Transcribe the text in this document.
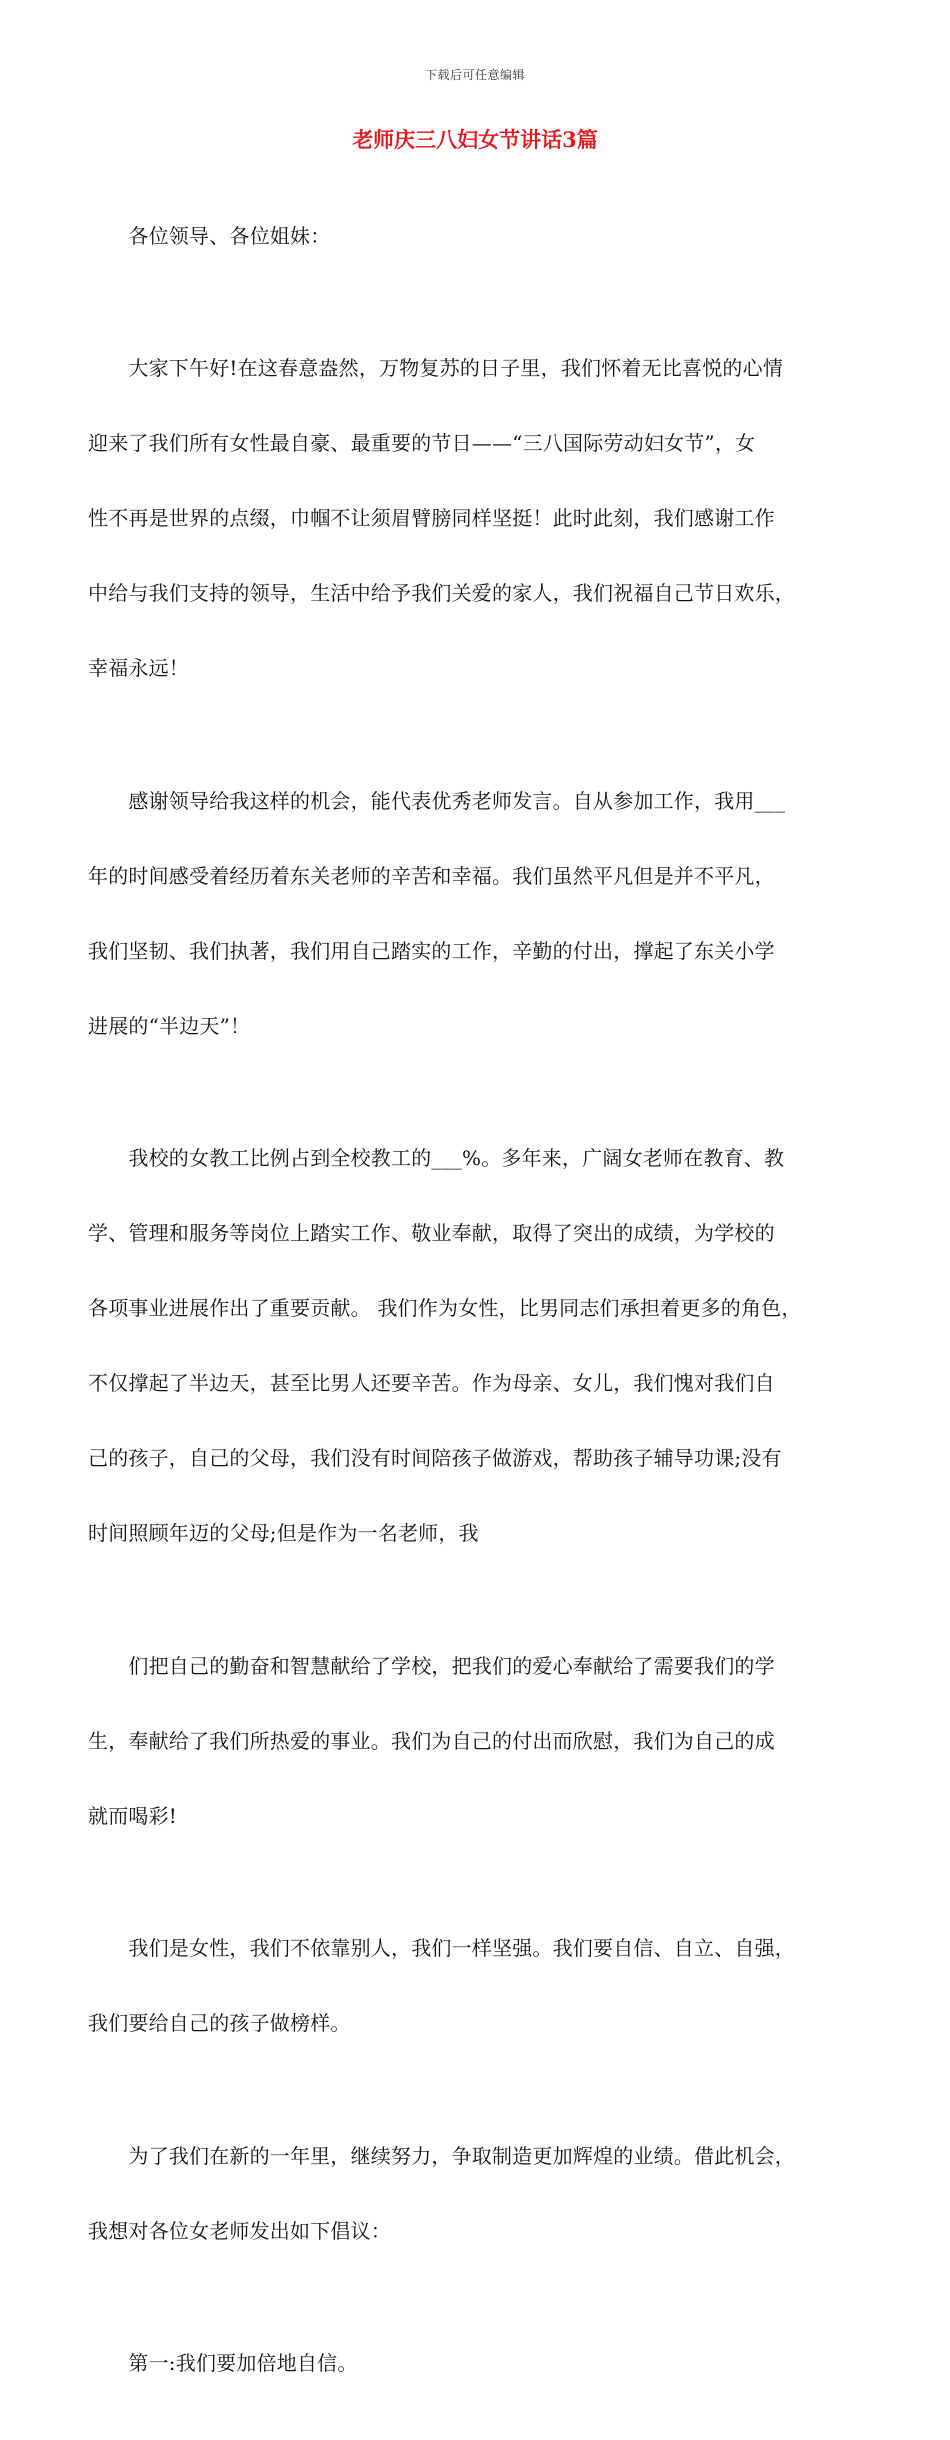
下载后可任意编辑
老师庆三八妇女节讲话3篇

　　各位领导、各位姐妹：

　　大家下午好!在这春意盎然，万物复苏的日子里，我们怀着无比喜悦的心情

迎来了我们所有女性最自豪、最重要的节日——“三八国际劳动妇女节”，女

性不再是世界的点缀，巾帼不让须眉臂膀同样坚挺！此时此刻，我们感谢工作

中给与我们支持的领导，生活中给予我们关爱的家人，我们祝福自己节日欢乐，

幸福永远！

　　感谢领导给我这样的机会，能代表优秀老师发言。自从参加工作，我用___

年的时间感受着经历着东关老师的辛苦和幸福。我们虽然平凡但是并不平凡，

我们坚韧、我们执著，我们用自己踏实的工作，辛勤的付出，撑起了东关小学

进展的“半边天”！

　　我校的女教工比例占到全校教工的___%。多年来，广阔女老师在教育、教

学、管理和服务等岗位上踏实工作、敬业奉献，取得了突出的成绩，为学校的

各项事业进展作出了重要贡献。 我们作为女性，比男同志们承担着更多的角色，

不仅撑起了半边天，甚至比男人还要辛苦。作为母亲、女儿，我们愧对我们自

己的孩子，自己的父母，我们没有时间陪孩子做游戏，帮助孩子辅导功课;没有

时间照顾年迈的父母;但是作为一名老师，我

　　们把自己的勤奋和智慧献给了学校，把我们的爱心奉献给了需要我们的学

生，奉献给了我们所热爱的事业。我们为自己的付出而欣慰，我们为自己的成

就而喝彩!

　　我们是女性，我们不依靠别人，我们一样坚强。我们要自信、自立、自强，

我们要给自己的孩子做榜样。

　　为了我们在新的一年里，继续努力，争取制造更加辉煌的业绩。借此机会，

我想对各位女老师发出如下倡议：

　　第一:我们要加倍地自信。
